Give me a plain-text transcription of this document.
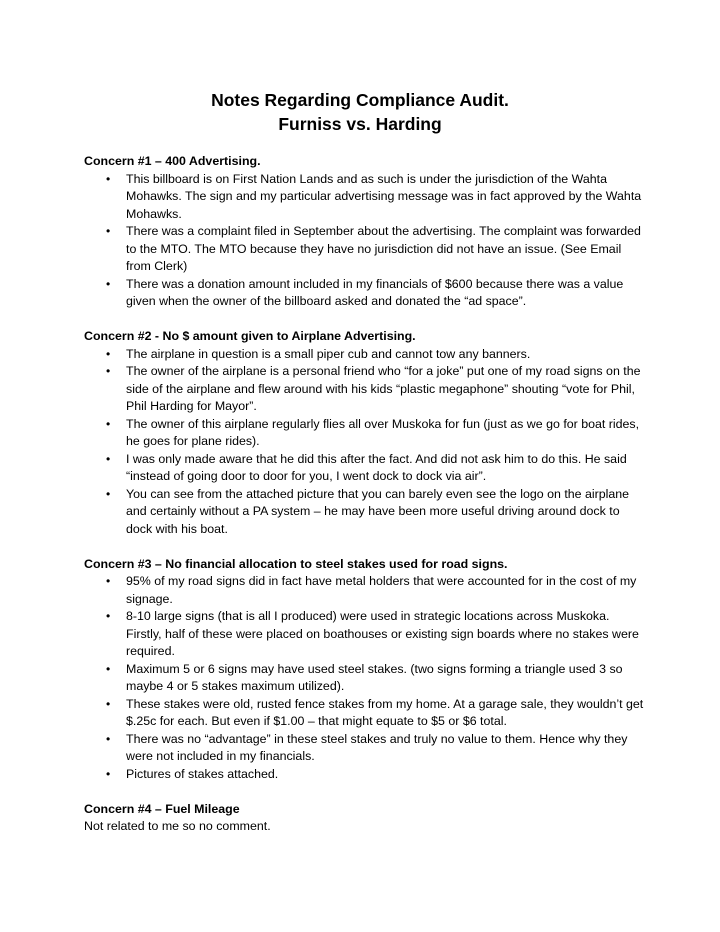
Notes Regarding Compliance Audit.
Furniss vs. Harding

Concern #1 – 400 Advertising.

• This billboard is on First Nation Lands and as such is under the jurisdiction of the Wahta Mohawks. The sign and my particular advertising message was in fact approved by the Wahta Mohawks.
• There was a complaint filed in September about the advertising. The complaint was forwarded to the MTO. The MTO because they have no jurisdiction did not have an issue. (See Email from Clerk)
• There was a donation amount included in my financials of $600 because there was a value given when the owner of the billboard asked and donated the “ad space”.

Concern #2 - No $ amount given to Airplane Advertising.

• The airplane in question is a small piper cub and cannot tow any banners.
• The owner of the airplane is a personal friend who “for a joke” put one of my road signs on the side of the airplane and flew around with his kids “plastic megaphone” shouting “vote for Phil, Phil Harding for Mayor”.
• The owner of this airplane regularly flies all over Muskoka for fun (just as we go for boat rides, he goes for plane rides).
• I was only made aware that he did this after the fact. And did not ask him to do this. He said “instead of going door to door for you, I went dock to dock via air”.
• You can see from the attached picture that you can barely even see the logo on the airplane and certainly without a PA system – he may have been more useful driving around dock to dock with his boat.

Concern #3 – No financial allocation to steel stakes used for road signs.

• 95% of my road signs did in fact have metal holders that were accounted for in the cost of my signage.
• 8-10 large signs (that is all I produced) were used in strategic locations across Muskoka. Firstly, half of these were placed on boathouses or existing sign boards where no stakes were required.
• Maximum 5 or 6 signs may have used steel stakes. (two signs forming a triangle used 3 so maybe 4 or 5 stakes maximum utilized).
• These stakes were old, rusted fence stakes from my home. At a garage sale, they wouldn’t get $.25c for each. But even if $1.00 – that might equate to $5 or $6 total.
• There was no “advantage” in these steel stakes and truly no value to them. Hence why they were not included in my financials.
• Pictures of stakes attached.

Concern #4 – Fuel Mileage

Not related to me so no comment.
